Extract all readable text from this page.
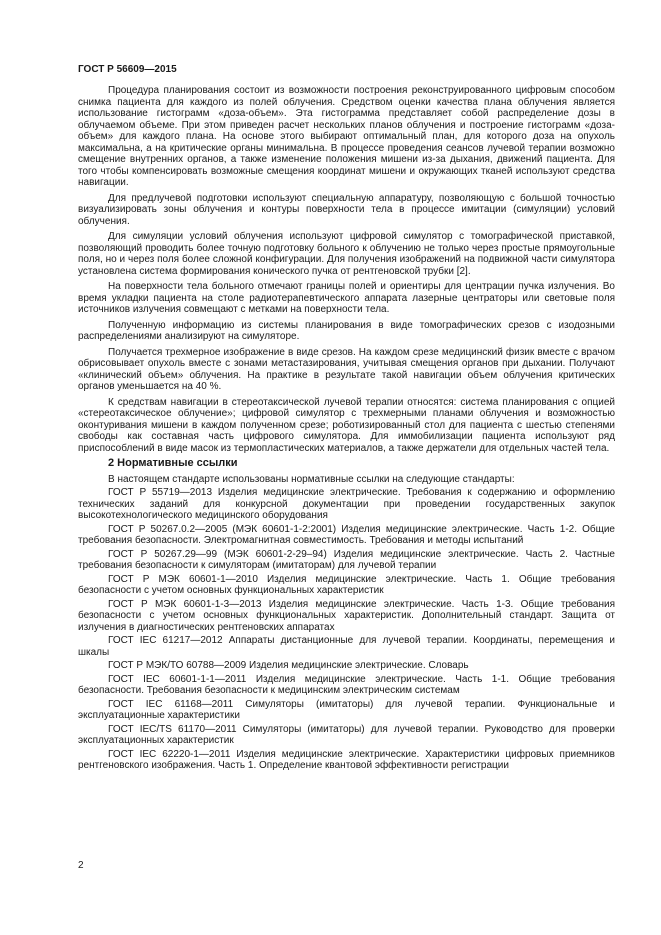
ГОСТ Р 56609—2015

Процедура планирования состоит из возможности построения реконструированного цифровым способом снимка пациента для каждого из полей облучения. Средством оценки качества плана облучения является использование гистограмм «доза-объем». Эта гистограмма представляет собой распределение дозы в облучаемом объеме. При этом приведен расчет нескольких планов облучения и построение гистограмм «доза-объем» для каждого плана. На основе этого выбирают оптимальный план, для которого доза на опухоль максимальна, а на критические органы минимальна. В процессе проведения сеансов лучевой терапии возможно смещение внутренних органов, а также изменение положения мишени из-за дыхания, движений пациента. Для того чтобы компенсировать возможные смещения координат мишени и окружающих тканей используют средства навигации.

Для предлучевой подготовки используют специальную аппаратуру, позволяющую с большой точностью визуализировать зоны облучения и контуры поверхности тела в процессе имитации (симуляции) условий облучения.

Для симуляции условий облучения используют цифровой симулятор с томографической приставкой, позволяющий проводить более точную подготовку больного к облучению не только через простые прямоугольные поля, но и через поля более сложной конфигурации. Для получения изображений на подвижной части симулятора установлена система формирования конического пучка от рентгеновской трубки [2].

На поверхности тела больного отмечают границы полей и ориентиры для центрации пучка излучения. Во время укладки пациента на столе радиотерапевтического аппарата лазерные центраторы или световые поля источников излучения совмещают с метками на поверхности тела.

Полученную информацию из системы планирования в виде томографических срезов с изодозными распределениями анализируют на симуляторе.

Получается трехмерное изображение в виде срезов. На каждом срезе медицинский физик вместе с врачом обрисовывает опухоль вместе с зонами метастазирования, учитывая смещения органов при дыхании. Получают «клинический объем» облучения. На практике в результате такой навигации объем облучения критических органов уменьшается на 40 %.

К средствам навигации в стереотаксической лучевой терапии относятся: система планирования с опцией «стереотаксическое облучение»; цифровой симулятор с трехмерными планами облучения и возможностью оконтуривания мишени в каждом полученном срезе; роботизированный стол для пациента с шестью степенями свободы как составная часть цифрового симулятора. Для иммобилизации пациента используют ряд приспособлений в виде масок из термопластических материалов, а также держатели для отдельных частей тела.

2 Нормативные ссылки

В настоящем стандарте использованы нормативные ссылки на следующие стандарты:

ГОСТ Р 55719—2013 Изделия медицинские электрические. Требования к содержанию и оформлению технических заданий для конкурсной документации при проведении государственных закупок высокотехнологического медицинского оборудования

ГОСТ Р 50267.0.2—2005 (МЭК 60601-1-2:2001) Изделия медицинские электрические. Часть 1-2. Общие требования безопасности. Электромагнитная совместимость. Требования и методы испытаний

ГОСТ Р 50267.29—99 (МЭК 60601-2-29–94) Изделия медицинские электрические. Часть 2. Частные требования безопасности к симуляторам (имитаторам) для лучевой терапии

ГОСТ Р МЭК 60601-1—2010 Изделия медицинские электрические. Часть 1. Общие требования безопасности с учетом основных функциональных характеристик

ГОСТ Р МЭК 60601-1-3—2013 Изделия медицинские электрические. Часть 1-3. Общие требования безопасности с учетом основных функциональных характеристик. Дополнительный стандарт. Защита от излучения в диагностических рентгеновских аппаратах

ГОСТ IEC 61217—2012 Аппараты дистанционные для лучевой терапии. Координаты, перемещения и шкалы

ГОСТ Р МЭК/ТО 60788—2009 Изделия медицинские электрические. Словарь

ГОСТ IEC 60601-1-1—2011 Изделия медицинские электрические. Часть 1-1. Общие требования безопасности. Требования безопасности к медицинским электрическим системам

ГОСТ IEC 61168—2011 Симуляторы (имитаторы) для лучевой терапии. Функциональные и эксплуатационные характеристики

ГОСТ IEC/TS 61170—2011 Симуляторы (имитаторы) для лучевой терапии. Руководство для проверки эксплуатационных характеристик

ГОСТ IEC 62220-1—2011 Изделия медицинские электрические. Характеристики цифровых приемников рентгеновского изображения. Часть 1. Определение квантовой эффективности регистрации

2
